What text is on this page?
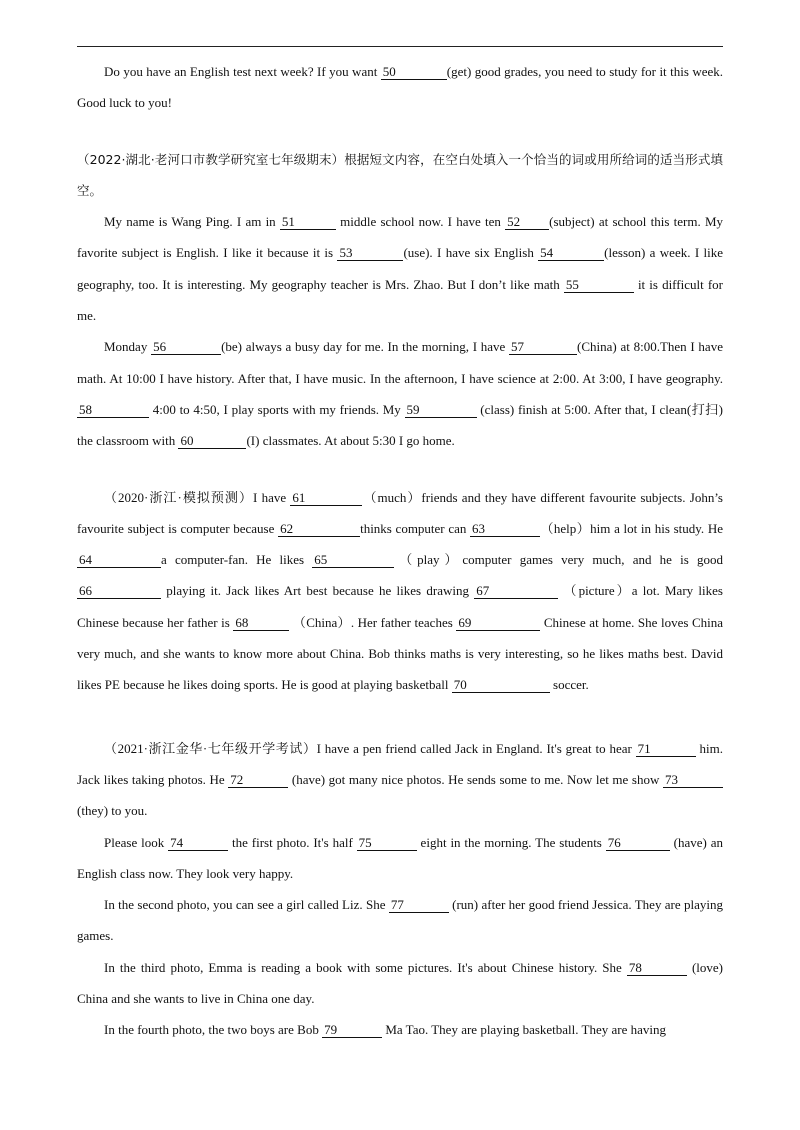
Do you have an English test next week? If you want 50	(get) good grades, you need to study for it this week. Good luck to you!

（2022·湖北·老河口市教学研究室七年级期末）根据短文内容，在空白处填入一个恰当的词或用所给词的适当形式填空。

My name is Wang Ping. I am in 51	middle school now. I have ten 52 (subject) at school this term. My favorite subject is English. I like it because it is 53	(use). I have six English 54	(lesson) a week. I like geography, too. It is interesting. My geography teacher is Mrs. Zhao. But I don’t like math 55	it is difficult for me.

Monday 56	(be) always a busy day for me. In the morning, I have 57	(China) at 8:00.Then I have math. At 10:00 I have history. After that, I have music. In the afternoon, I have science at 2:00. At 3:00, I have geography. 58	4:00 to 4:50, I play sports with my friends. My 59	(class) finish at 5:00. After that, I clean(打扫) the classroom with 60	(I) classmates. At about 5:30 I go home.

（2020·浙江·模拟预测）I have 61	（much）friends and they have different favourite subjects. John’s favourite subject is computer because 62	thinks computer can 63	（help）him a lot in his study. He 64	a computer-fan. He likes 65	（play）computer games very much, and he is good 66	playing it. Jack likes Art best because he likes drawing 67	（picture）a lot. Mary likes Chinese because her father is 68	（China）. Her father teaches 69	Chinese at home. She loves China very much, and she wants to know more about China. Bob thinks maths is very interesting, so he likes maths best. David likes PE because he likes doing sports. He is good at playing basketball 70	soccer.

（2021·浙江金华·七年级开学考试）I have a pen friend called Jack in England. It's great to hear 71	him. Jack likes taking photos. He 72	(have) got many nice photos. He sends some to me. Now let me show 73 (they) to you.

Please look 74	the first photo. It's half 75	eight in the morning. The students 76	(have) an English class now. They look very happy.

In the second photo, you can see a girl called Liz. She 77	(run) after her good friend Jessica. They are playing games.

In the third photo, Emma is reading a book with some pictures. It's about Chinese history. She 78	(love) China and she wants to live in China one day.

In the fourth photo, the two boys are Bob 79	Ma Tao. They are playing basketball. They are having
